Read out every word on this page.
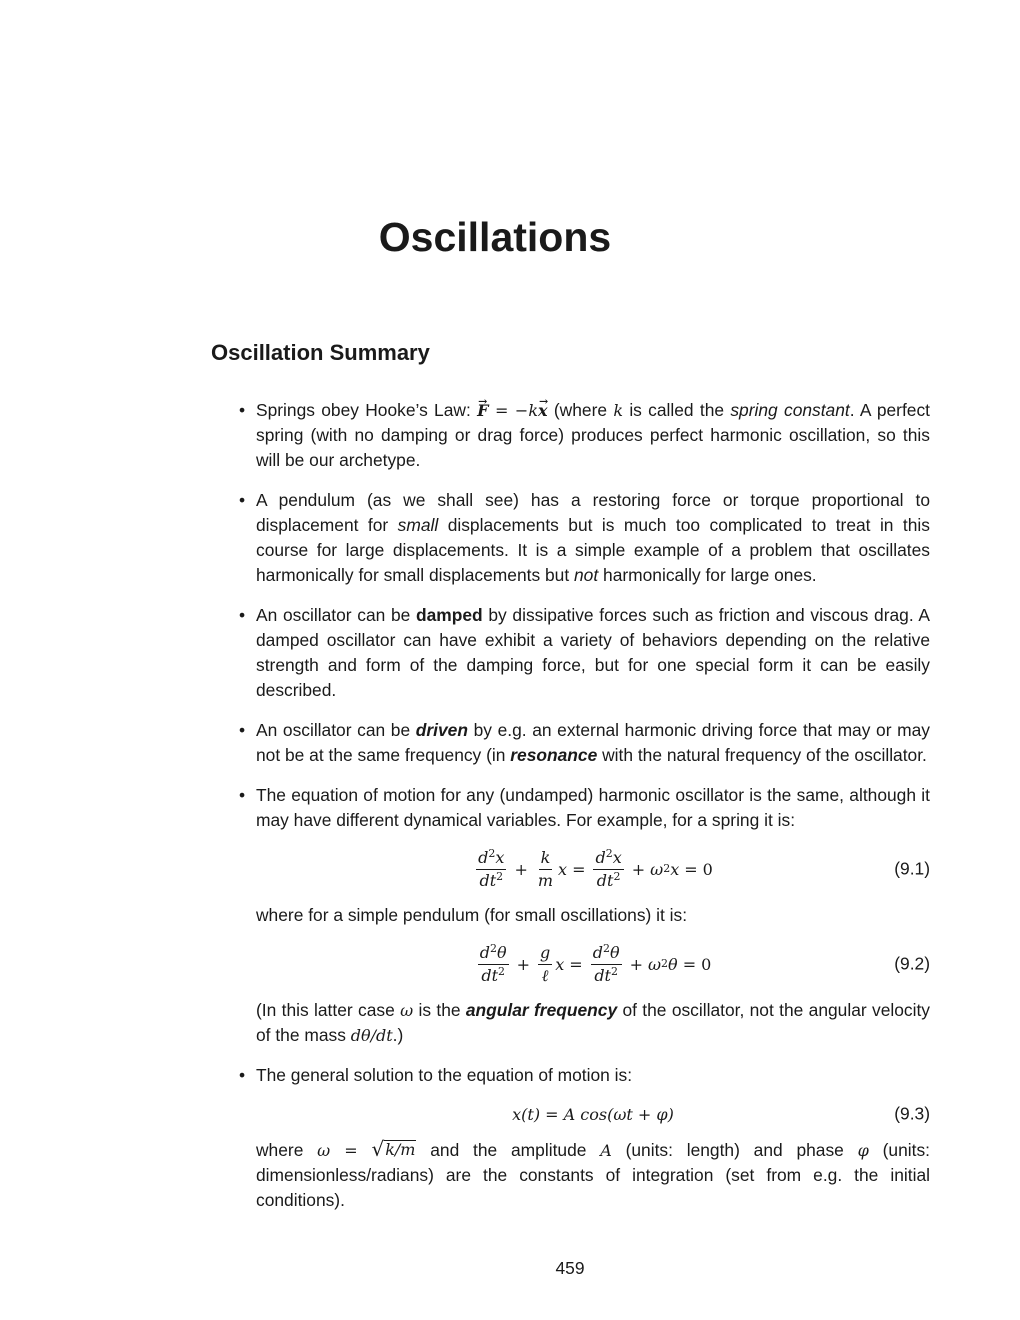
Oscillations
Oscillation Summary
• Springs obey Hooke’s Law: → F = −k→ x (where k is called the spring constant. A perfect spring (with no damping or drag force) produces perfect harmonic oscillation, so this will be our archetype.

• A pendulum (as we shall see) has a restoring force or torque proportional to displacement for small displacements but is much too complicated to treat in this course for large displacements. It is a simple example of a problem that oscillates harmonically for small displacements but not harmonically for large ones.

• An oscillator can be damped by dissipative forces such as friction and viscous drag. A damped oscillator can have exhibit a variety of behaviors depending on the relative strength and form of the damping force, but for one special form it can be easily described.

• An oscillator can be driven by e.g. an external harmonic driving force that may or may not be at the same frequency (in resonance with the natural frequency of the oscillator.

• The equation of motion for any (undamped) harmonic oscillator is the same, although it may have different dynamical variables. For example, for a spring it is:

$\frac{d^2x}{dt^2} + \frac{k}{m}$ $x = \frac{d^2x}{dt^2} + \omega$ 2 x = 0	(9.1)

where for a simple pendulum (for small oscillations) it is:

$\frac{d^2\theta}{dt^2} + \frac{g}{\text{ℓ}}$ $x = \frac{d^2\theta}{dt^2} + \omega$ 2 θ = 0	(9.2)

(In this latter case ω is the angular frequency of the oscillator, not the angular velocity of the mass dθ/dt.)

• The general solution to the equation of motion is:

x(t) = A cos(ωt + φ)	(9.3)

where ω = √ k/m and the amplitude A (units: length) and phase φ (units: dimensionless/radians) are the constants of integration (set from e.g. the initial conditions).

459
